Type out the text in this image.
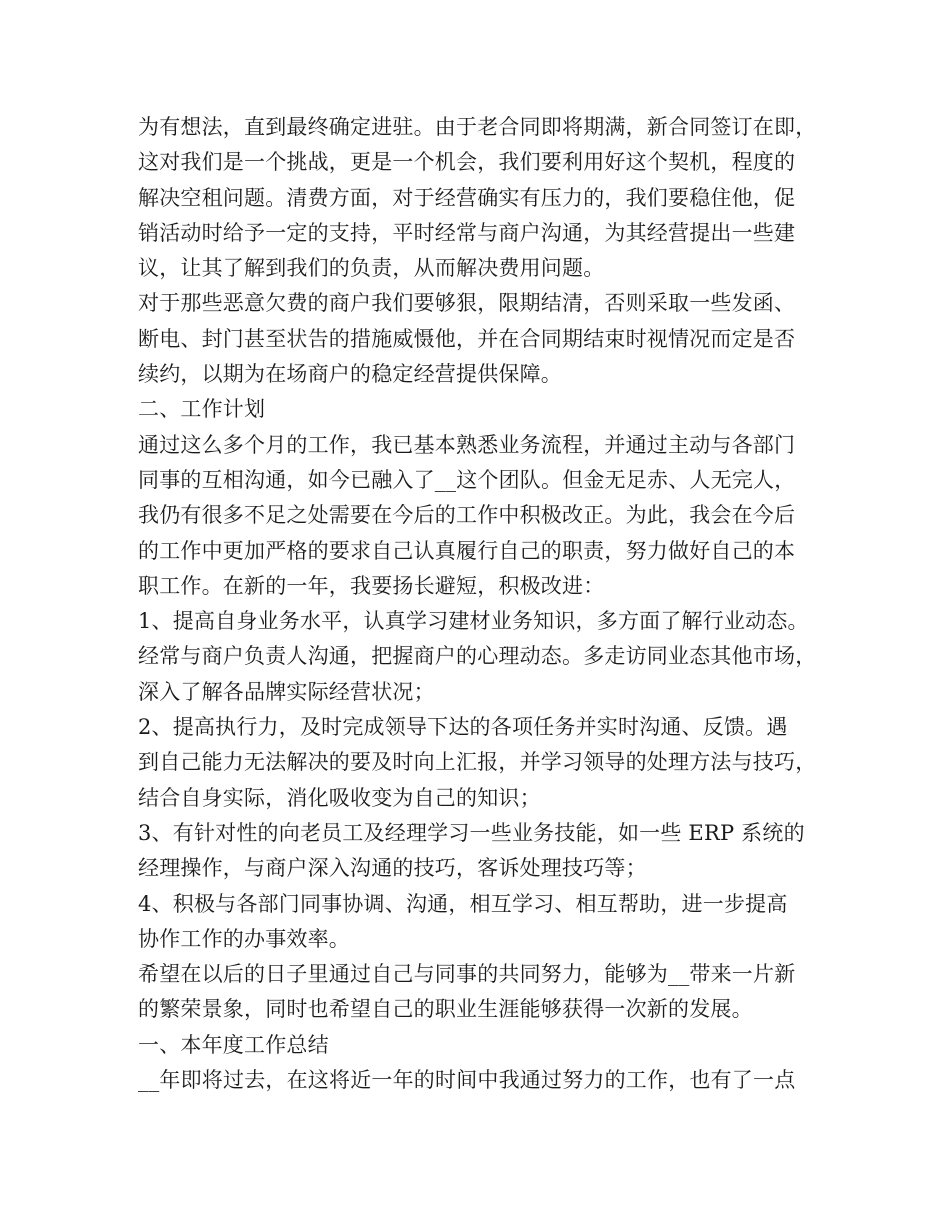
为有想法，直到最终确定进驻。由于老合同即将期满，新合同签订在即，
这对我们是一个挑战，更是一个机会，我们要利用好这个契机，程度的
解决空租问题。清费方面，对于经营确实有压力的，我们要稳住他，促
销活动时给予一定的支持，平时经常与商户沟通，为其经营提出一些建
议，让其了解到我们的负责，从而解决费用问题。
对于那些恶意欠费的商户我们要够狠，限期结清，否则采取一些发函、
断电、封门甚至状告的措施威慑他，并在合同期结束时视情况而定是否
续约，以期为在场商户的稳定经营提供保障。
二、工作计划
通过这么多个月的工作，我已基本熟悉业务流程，并通过主动与各部门
同事的互相沟通，如今已融入了__这个团队。但金无足赤、人无完人，
我仍有很多不足之处需要在今后的工作中积极改正。为此，我会在今后
的工作中更加严格的要求自己认真履行自己的职责，努力做好自己的本
职工作。在新的一年，我要扬长避短，积极改进：
1、提高自身业务水平，认真学习建材业务知识，多方面了解行业动态。
经常与商户负责人沟通，把握商户的心理动态。多走访同业态其他市场，
深入了解各品牌实际经营状况；
2、提高执行力，及时完成领导下达的各项任务并实时沟通、反馈。遇
到自己能力无法解决的要及时向上汇报，并学习领导的处理方法与技巧，
结合自身实际，消化吸收变为自己的知识；
3、有针对性的向老员工及经理学习一些业务技能，如一些 ERP 系统的
经理操作，与商户深入沟通的技巧，客诉处理技巧等；
4、积极与各部门同事协调、沟通，相互学习、相互帮助，进一步提高
协作工作的办事效率。
希望在以后的日子里通过自己与同事的共同努力，能够为__带来一片新
的繁荣景象，同时也希望自己的职业生涯能够获得一次新的发展。
一、本年度工作总结
__年即将过去，在这将近一年的时间中我通过努力的工作，也有了一点
